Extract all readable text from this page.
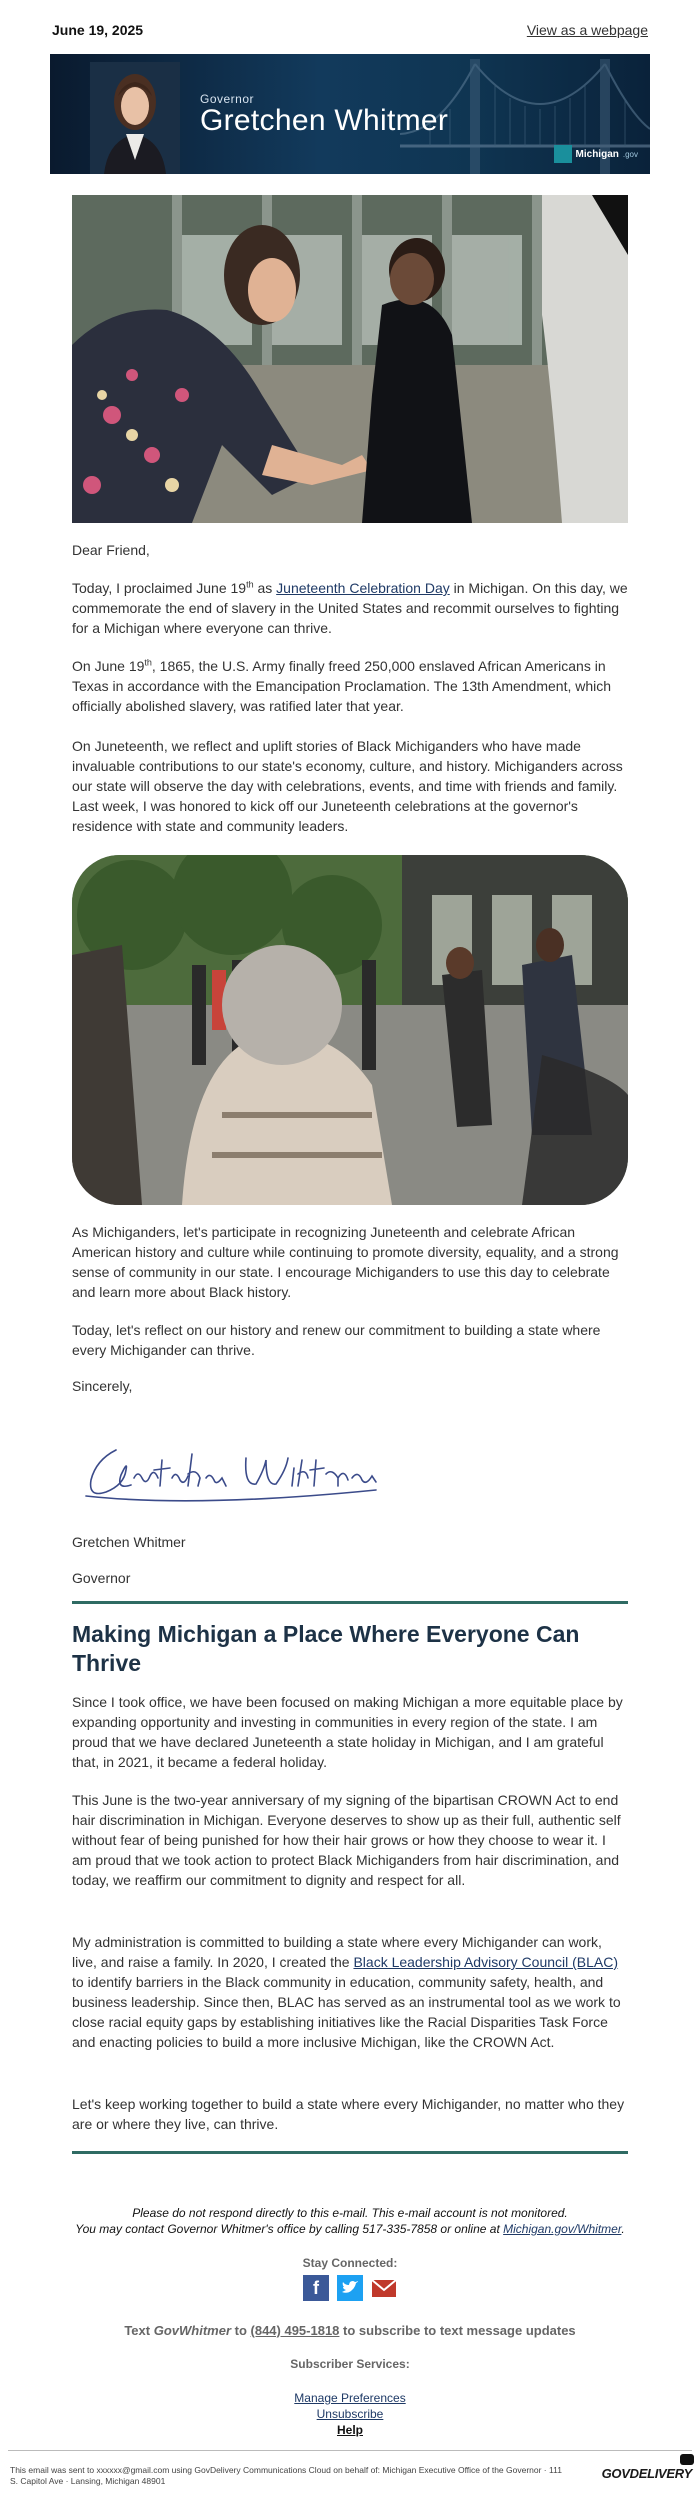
June 19, 2025	View as a webpage
Governor
Gretchen Whitmer
Michigan .gov

Dear Friend,

Today, I proclaimed June 19th as Juneteenth Celebration Day in Michigan. On this day, we commemorate the end of slavery in the United States and recommit ourselves to fighting for a Michigan where everyone can thrive.

On June 19th, 1865, the U.S. Army finally freed 250,000 enslaved African Americans in Texas in accordance with the Emancipation Proclamation. The 13th Amendment, which officially abolished slavery, was ratified later that year.

On Juneteenth, we reflect and uplift stories of Black Michiganders who have made invaluable contributions to our state's economy, culture, and history. Michiganders across our state will observe the day with celebrations, events, and time with friends and family. Last week, I was honored to kick off our Juneteenth celebrations at the governor's residence with state and community leaders.

As Michiganders, let's participate in recognizing Juneteenth and celebrate African American history and culture while continuing to promote diversity, equality, and a strong sense of community in our state. I encourage Michiganders to use this day to celebrate and learn more about Black history.

Today, let's reflect on our history and renew our commitment to building a state where every Michigander can thrive.

Sincerely,

Gretchen Whitmer

Governor

Making Michigan a Place Where Everyone Can Thrive

Since I took office, we have been focused on making Michigan a more equitable place by expanding opportunity and investing in communities in every region of the state. I am proud that we have declared Juneteenth a state holiday in Michigan, and I am grateful that, in 2021, it became a federal holiday.

This June is the two-year anniversary of my signing of the bipartisan CROWN Act to end hair discrimination in Michigan. Everyone deserves to show up as their full, authentic self without fear of being punished for how their hair grows or how they choose to wear it. I am proud that we took action to protect Black Michiganders from hair discrimination, and today, we reaffirm our commitment to dignity and respect for all.

My administration is committed to building a state where every Michigander can work, live, and raise a family. In 2020, I created the Black Leadership Advisory Council (BLAC) to identify barriers in the Black community in education, community safety, health, and business leadership. Since then, BLAC has served as an instrumental tool as we work to close racial equity gaps by establishing initiatives like the Racial Disparities Task Force and enacting policies to build a more inclusive Michigan, like the CROWN Act.

Let's keep working together to build a state where every Michigander, no matter who they are or where they live, can thrive.

Please do not respond directly to this e-mail. This e-mail account is not monitored.
You may contact Governor Whitmer's office by calling 517-335-7858 or online at Michigan.gov/Whitmer.
Stay Connected:
f
Text GovWhitmer to (844) 495-1818 to subscribe to text message updates
Subscriber Services:
Manage Preferences
Unsubscribe
Help
This email was sent to xxxxxx@gmail.com using GovDelivery Communications Cloud on behalf of: Michigan Executive Office of the Governor · 111 S. Capitol Ave · Lansing, Michigan 48901	GOVDELIVERY
